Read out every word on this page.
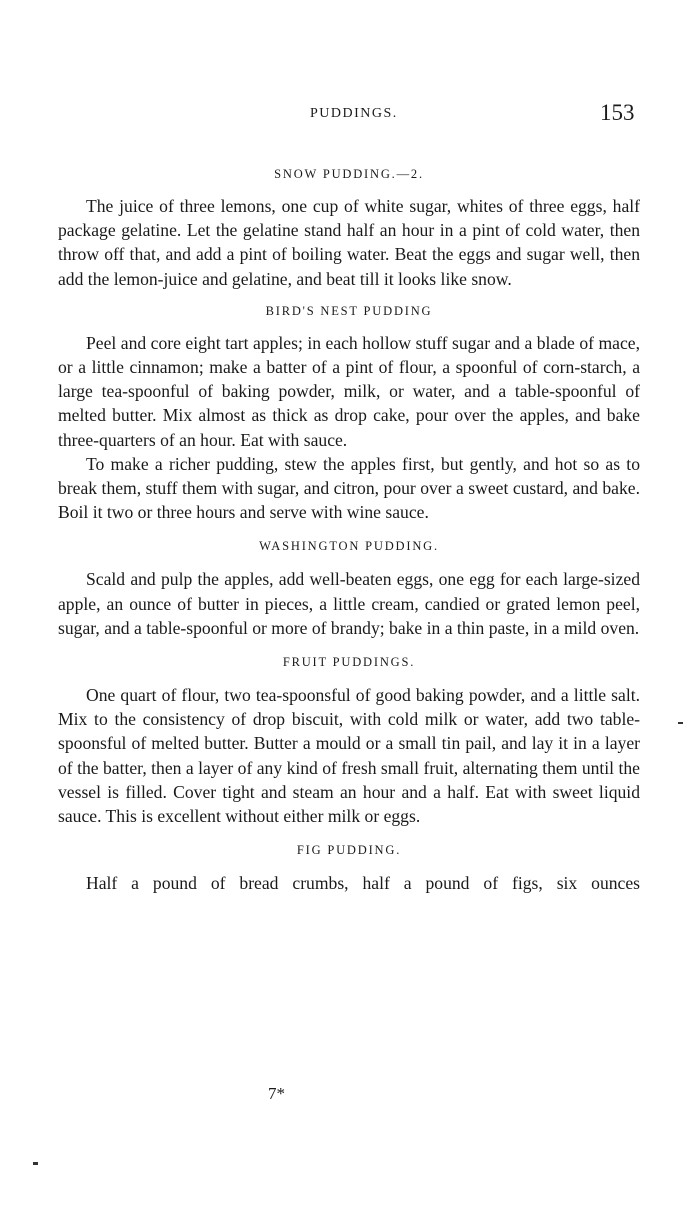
PUDDINGS.	153

SNOW PUDDING.—2.

The juice of three lemons, one cup of white sugar, whites of three eggs, half package gelatine. Let the gelatine stand half an hour in a pint of cold water, then throw off that, and add a pint of boiling water. Beat the eggs and sugar well, then add the lemon-juice and gelatine, and beat till it looks like snow.

BIRD'S NEST PUDDING

Peel and core eight tart apples; in each hollow stuff sugar and a blade of mace, or a little cinnamon; make a batter of a pint of flour, a spoonful of corn-starch, a large tea-spoonful of baking powder, milk, or water, and a table-spoonful of melted butter. Mix almost as thick as drop cake, pour over the apples, and bake three-quarters of an hour. Eat with sauce.

To make a richer pudding, stew the apples first, but gently, and hot so as to break them, stuff them with sugar, and citron, pour over a sweet custard, and bake. Boil it two or three hours and serve with wine sauce.

WASHINGTON PUDDING.

Scald and pulp the apples, add well-beaten eggs, one egg for each large-sized apple, an ounce of butter in pieces, a little cream, candied or grated lemon peel, sugar, and a table-spoonful or more of brandy; bake in a thin paste, in a mild oven.

FRUIT PUDDINGS.

One quart of flour, two tea-spoonsful of good baking powder, and a little salt. Mix to the consistency of drop biscuit, with cold milk or water, add two table-spoonsful of melted butter. Butter a mould or a small tin pail, and lay it in a layer of the batter, then a layer of any kind of fresh small fruit, alternating them until the vessel is filled. Cover tight and steam an hour and a half. Eat with sweet liquid sauce. This is excellent without either milk or eggs.

FIG PUDDING.

Half a pound of bread crumbs, half a pound of figs, six ounces

7*
